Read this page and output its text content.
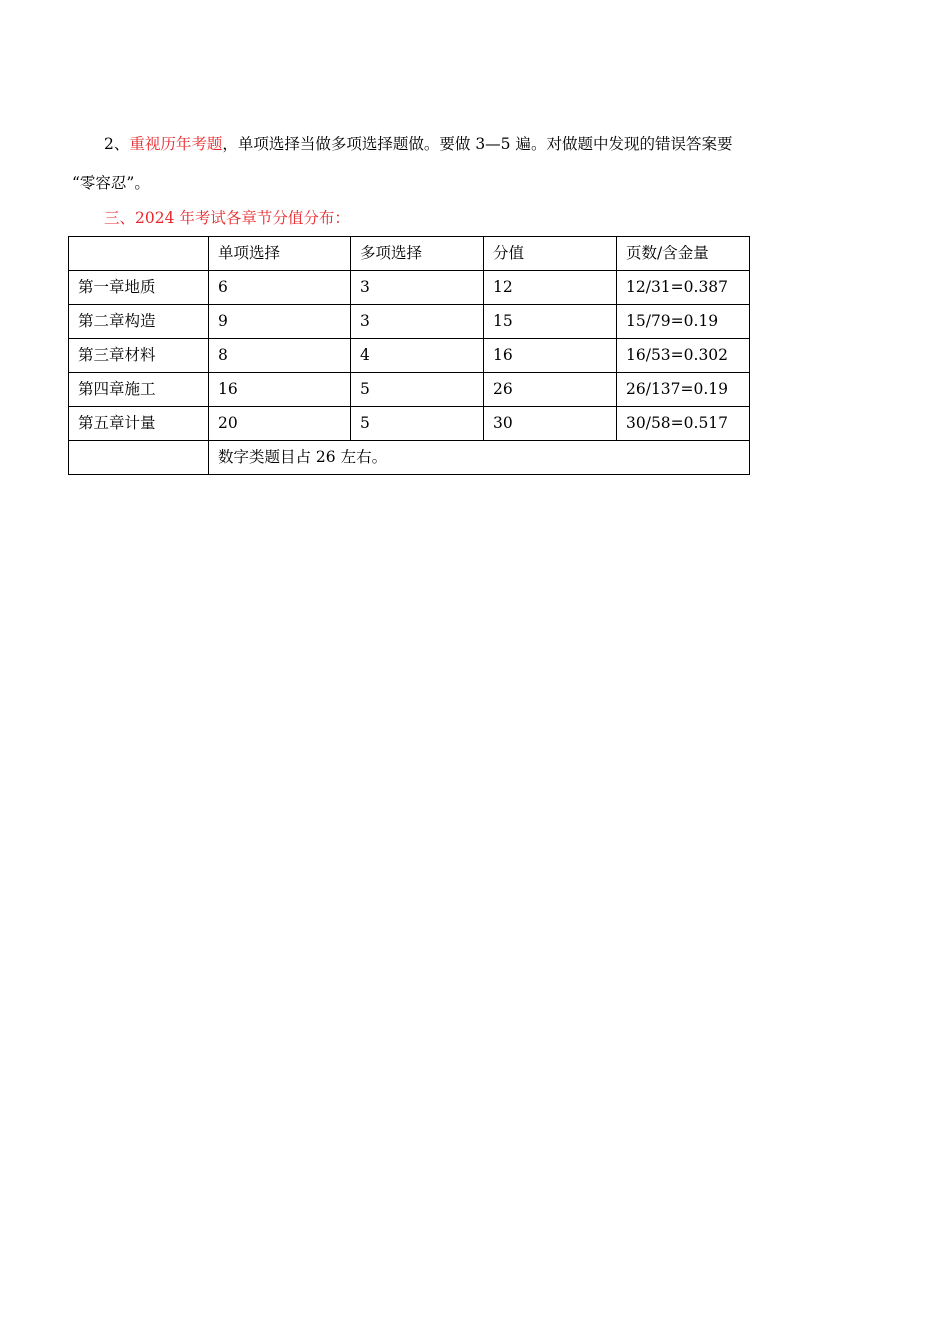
2、重视历年考题，单项选择当做多项选择题做。要做 3—5 遍。对做题中发现的错误答案要
“零容忍”。
三、2024 年考试各章节分值分布：
	单项选择	多项选择	分值	页数/含金量
第一章地质	6	3	12	12/31=0.387
第二章构造	9	3	15	15/79=0.19
第三章材料	8	4	16	16/53=0.302
第四章施工	16	5	26	26/137=0.19
第五章计量	20	5	30	30/58=0.517
	数字类题目占 26 左右。			
